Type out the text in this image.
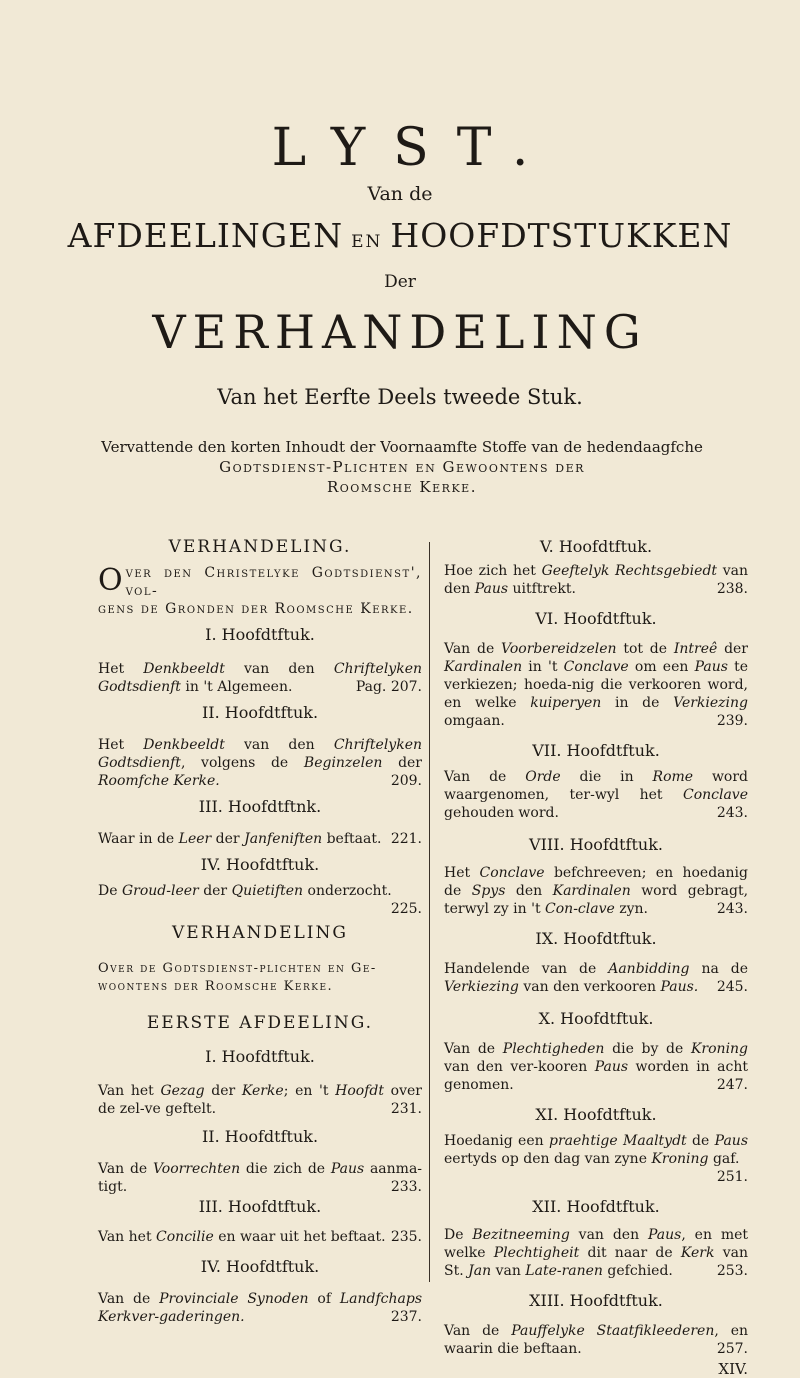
LYST.
Van de
AFDEELINGEN EN HOOFDTSTUKKEN
Der
VERHANDELING
Van het Eerfte Deels tweede Stuk.
Vervattende den korten Inhoudt der Voornaamfte Stoffe van de hedendaagfche
Godtsdienst-Plichten en Gewoontens der
Roomsche Kerke.

VERHANDELING.

Over den Christelyke Godtsdienst', vol-
gens de Gronden der Roomsche Kerke.

I. Hoofdtftuk.

Het Denkbeeldt van den Chriftelyken Godtsdienft in 't Algemeen.	Pag. 207.

II. Hoofdtftuk.

Het Denkbeeldt van den Chriftelyken Godtsdienft, volgens de Beginzelen der Roomfche Kerke.	209.

III. Hoofdtftnk.

Waar in de Leer der Janfeniften beftaat. 221.

IV. Hoofdtftuk.

De Groud-leer der Quietiften onderzocht.
225.

VERHANDELING

Over de Godtsdienst-plichten en Ge-
woontens der Roomsche Kerke.

EERSTE AFDEELING.

I. Hoofdtftuk.

Van het Gezag der Kerke; en 't Hoofdt over de zel-ve geftelt.	231.

II. Hoofdtftuk.

Van de Voorrechten die zich de Paus aanma-tigt.	233.

III. Hoofdtftuk.

Van het Concilie en waar uit het beftaat. 235.

IV. Hoofdtftuk.

Van de Provinciale Synoden of Landfchaps Kerkver-gaderingen.	237.

V. Hoofdtftuk.

Hoe zich het Geeftelyk Rechtsgebiedt van den Paus uitftrekt.	238.

VI. Hoofdtftuk.

Van de Voorbereidzelen tot de Intreê der Kardinalen in 't Conclave om een Paus te verkiezen; hoeda-nig die verkooren word, en welke kuiperyen in de Verkiezing omgaan.	239.

VII. Hoofdtftuk.

Van de Orde die in Rome word waargenomen, ter-wyl het Conclave gehouden word.	243.

VIII. Hoofdtftuk.

Het Conclave befchreeven; en hoedanig de Spys den Kardinalen word gebragt, terwyl zy in 't Con-clave zyn.	243.

IX. Hoofdtftuk.

Handelende van de Aanbidding na de Verkiezing van den verkooren Paus. 245.

X. Hoofdtftuk.

Van de Plechtigheden die by de Kroning van den ver-kooren Paus worden in acht genomen.	247.

XI. Hoofdtftuk.

Hoedanig een praehtige Maaltydt de Paus eertyds op den dag van zyne Kroning gaf.
251.

XII. Hoofdtftuk.

De Bezitneeming van den Paus, en met welke Plechtigheit dit naar de Kerk van St. Jan van Late-ranen gefchied.	253.

XIII. Hoofdtftuk.

Van de Pauffelyke Staatfikleederen, en waarin die beftaan.	257.

XIV.
